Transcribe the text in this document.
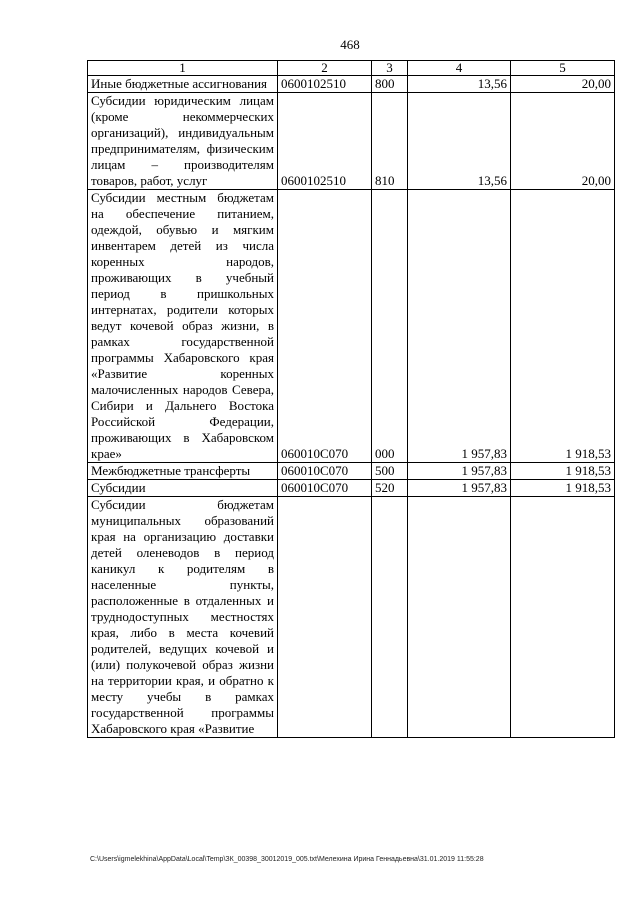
468
1	2	3	4	5
Иные бюджетные ассигнования	0600102510	800	13,56	20,00
Субсидии юридическим лицам (кроме некоммерческих организаций), индивидуальным предпринимателям, физическим лицам – производителям товаров, работ, услуг	0600102510	810	13,56	20,00
Субсидии местным бюджетам на обеспечение питанием, одеждой, обувью и мягким инвентарем детей из числа коренных народов, проживающих в учебный период в пришкольных интернатах, родители которых ведут кочевой образ жизни, в рамках государственной программы Хабаровского края «Развитие коренных малочисленных народов Севера, Сибири и Дальнего Востока Российской Федерации, проживающих в Хабаровском крае»	060010С070	000	1 957,83	1 918,53
Межбюджетные трансферты	060010С070	500	1 957,83	1 918,53
Субсидии	060010С070	520	1 957,83	1 918,53
Субсидии бюджетам муниципальных образований края на организацию доставки детей оленеводов в период каникул к родителям в населенные пункты, расположенные в отдаленных и труднодоступных местностях края, либо в места кочевий родителей, ведущих кочевой и (или) полукочевой образ жизни на территории края, и обратно к месту учебы в рамках государственной программы Хабаровского края «Развитие				
C:\Users\igmelekhina\AppData\Local\Temp\ЗК_00398_30012019_005.txt\Мелехина Ирина Геннадьевна\31.01.2019 11:55:28
